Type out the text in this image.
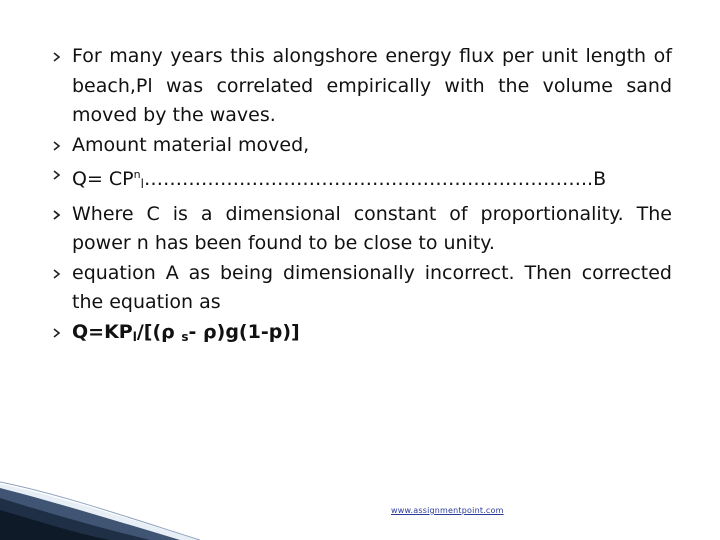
For many years this alongshore energy flux per unit length of beach,Pl was correlated empirically with the volume sand moved by the waves.
Amount material moved,
$Q= CP^n_l\dots\dots\dots\dots\dots\dots\dots\dots\dots\dots\dots\dots\dots\dots\dots\dots\dots\dots\dots\dots\dots\dots\dots..B$
Where C is a dimensional constant of proportionality. The power n has been found to be close to unity.
equation A as being dimensionally incorrect. Then corrected the equation as
$Q=KP_l/[(\rho$ $_s$- ρ)g(1-p)]
www.assignmentpoint.com
